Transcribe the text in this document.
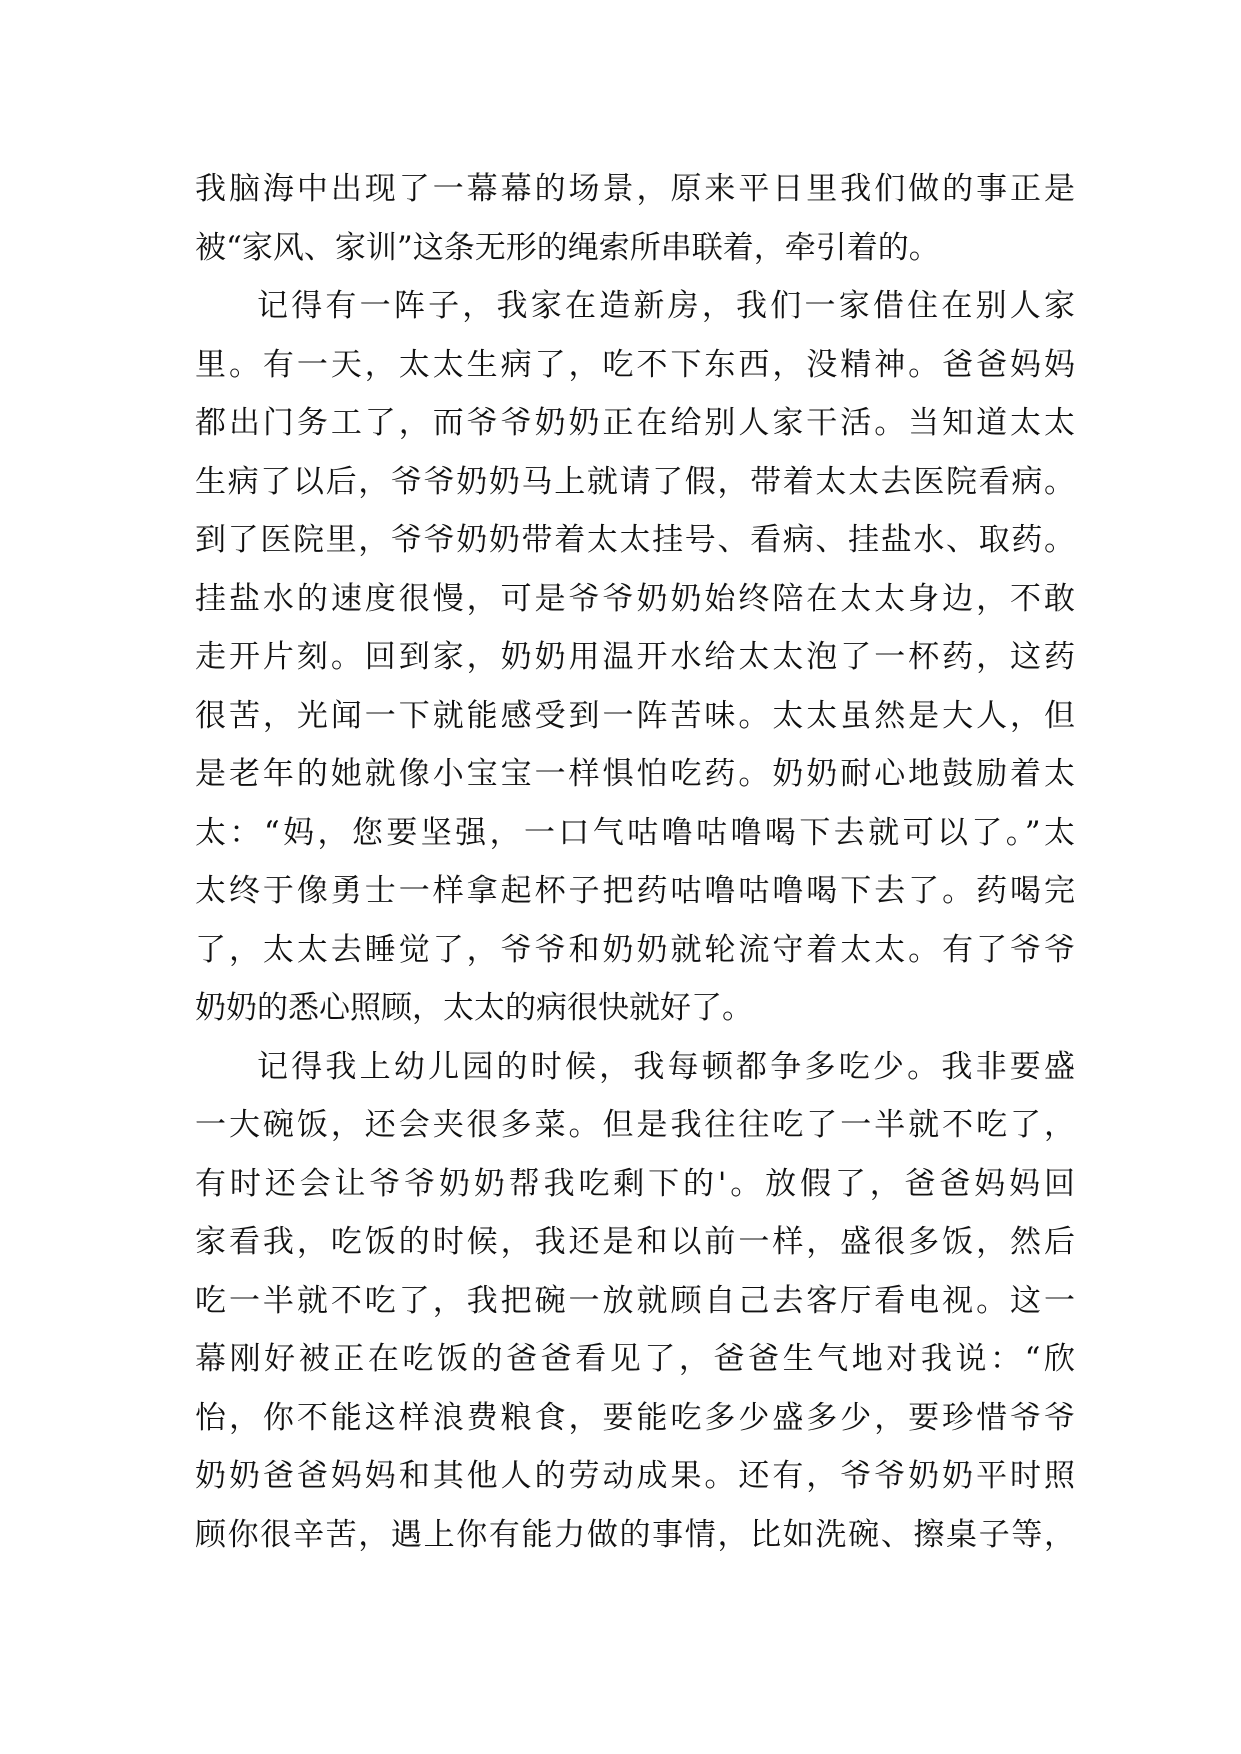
我脑海中出现了一幕幕的场景，原来平日里我们做的事正是
被“家风、家训”这条无形的绳索所串联着，牵引着的。
记得有一阵子，我家在造新房，我们一家借住在别人家
里。有一天，太太生病了，吃不下东西，没精神。爸爸妈妈
都出门务工了，而爷爷奶奶正在给别人家干活。当知道太太
生病了以后，爷爷奶奶马上就请了假，带着太太去医院看病。
到了医院里，爷爷奶奶带着太太挂号、看病、挂盐水、取药。
挂盐水的速度很慢，可是爷爷奶奶始终陪在太太身边，不敢
走开片刻。回到家，奶奶用温开水给太太泡了一杯药，这药
很苦，光闻一下就能感受到一阵苦味。太太虽然是大人，但
是老年的她就像小宝宝一样惧怕吃药。奶奶耐心地鼓励着太
太：“妈，您要坚强，一口气咕噜咕噜喝下去就可以了。”太
太终于像勇士一样拿起杯子把药咕噜咕噜喝下去了。药喝完
了，太太去睡觉了，爷爷和奶奶就轮流守着太太。有了爷爷
奶奶的悉心照顾，太太的病很快就好了。
记得我上幼儿园的时候，我每顿都争多吃少。我非要盛
一大碗饭，还会夹很多菜。但是我往往吃了一半就不吃了，
有时还会让爷爷奶奶帮我吃剩下的'。放假了，爸爸妈妈回
家看我，吃饭的时候，我还是和以前一样，盛很多饭，然后
吃一半就不吃了，我把碗一放就顾自己去客厅看电视。这一
幕刚好被正在吃饭的爸爸看见了，爸爸生气地对我说：“欣
怡，你不能这样浪费粮食，要能吃多少盛多少，要珍惜爷爷
奶奶爸爸妈妈和其他人的劳动成果。还有，爷爷奶奶平时照
顾你很辛苦，遇上你有能力做的事情，比如洗碗、擦桌子等，
